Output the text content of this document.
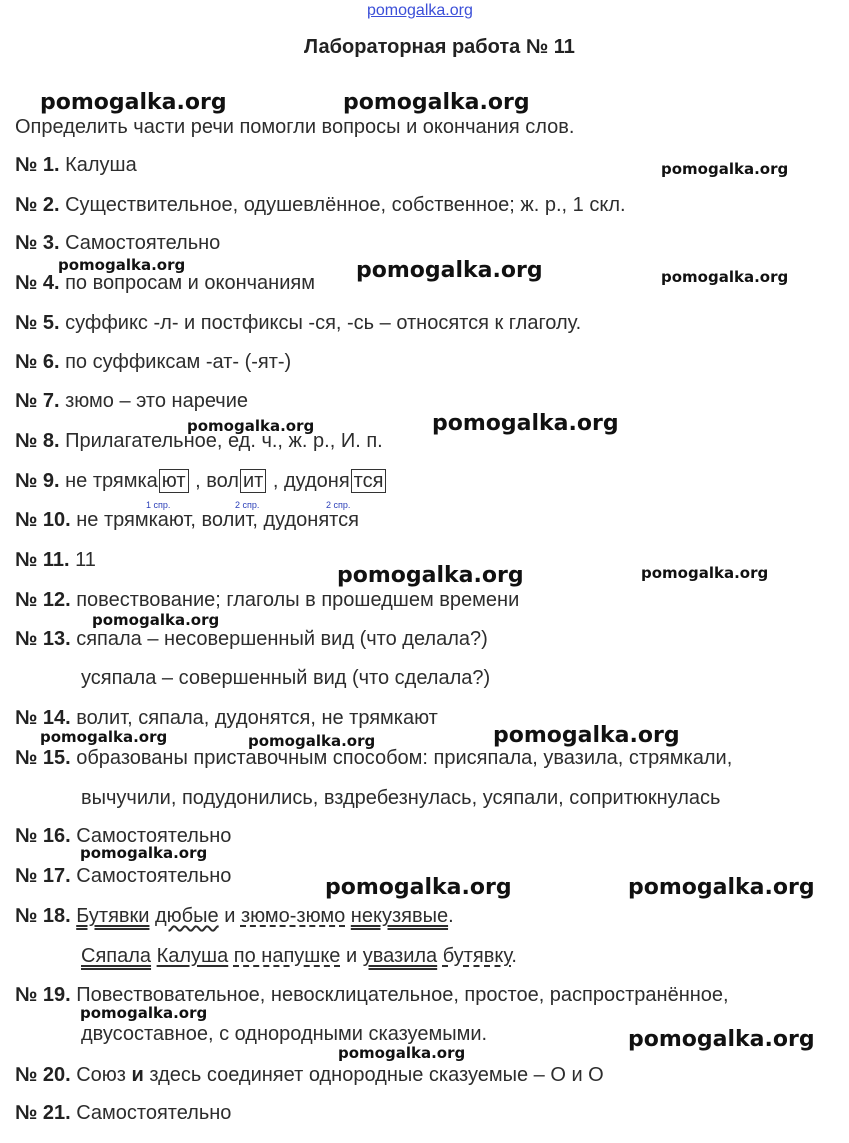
pomogalka.org
Лабораторная работа № 11
Определить части речи помогли вопросы и окончания слов.
№ 1. Калуша
№ 2. Существительное, одушевлённое, собственное; ж. р., 1 скл.
№ 3. Самостоятельно
№ 4. по вопросам и окончаниям
№ 5. суффикс -л- и постфиксы -ся, -сь – относятся к глаголу.
№ 6. по суффиксам -ат- (-ят-)
№ 7. зюмо – это наречие
№ 8. Прилагательное, ед. ч., ж. р., И. п.
№ 9. не трямка ют , вол ит , дудоня тся
1 спр.	2 спр.	2 спр.
№ 10. не трямкают, волит, дудонятся
№ 11. 11
№ 12. повествование; глаголы в прошедшем времени
№ 13. сяпала – несовершенный вид (что делала?)
усяпала – совершенный вид (что сделала?)
№ 14. волит, сяпала, дудонятся, не трямкают
№ 15. образованы приставочным способом: присяпала, увазила, стрямкали,
вычучили, подудонились, вздребезнулась, усяпали, сопритюкнулась
№ 16. Самостоятельно
№ 17. Самостоятельно
№ 18. Бутявки дюбые и зюмо-зюмо некузявые.
Сяпала Калуша по напушке и увазила бутявку.
№ 19. Повествовательное, невосклицательное, простое, распространённое,
двусоставное, с однородными сказуемыми.
№ 20. Союз и здесь соединяет однородные сказуемые – О и О
№ 21. Самостоятельно
pomogalka.org	pomogalka.org
pomogalka.org
pomogalka.org	pomogalka.org	pomogalka.org
pomogalka.org	pomogalka.org
pomogalka.org	pomogalka.org
pomogalka.org
pomogalka.org	pomogalka.org	pomogalka.org
pomogalka.org
pomogalka.org	pomogalka.org
pomogalka.org
pomogalka.org
pomogalka.org
